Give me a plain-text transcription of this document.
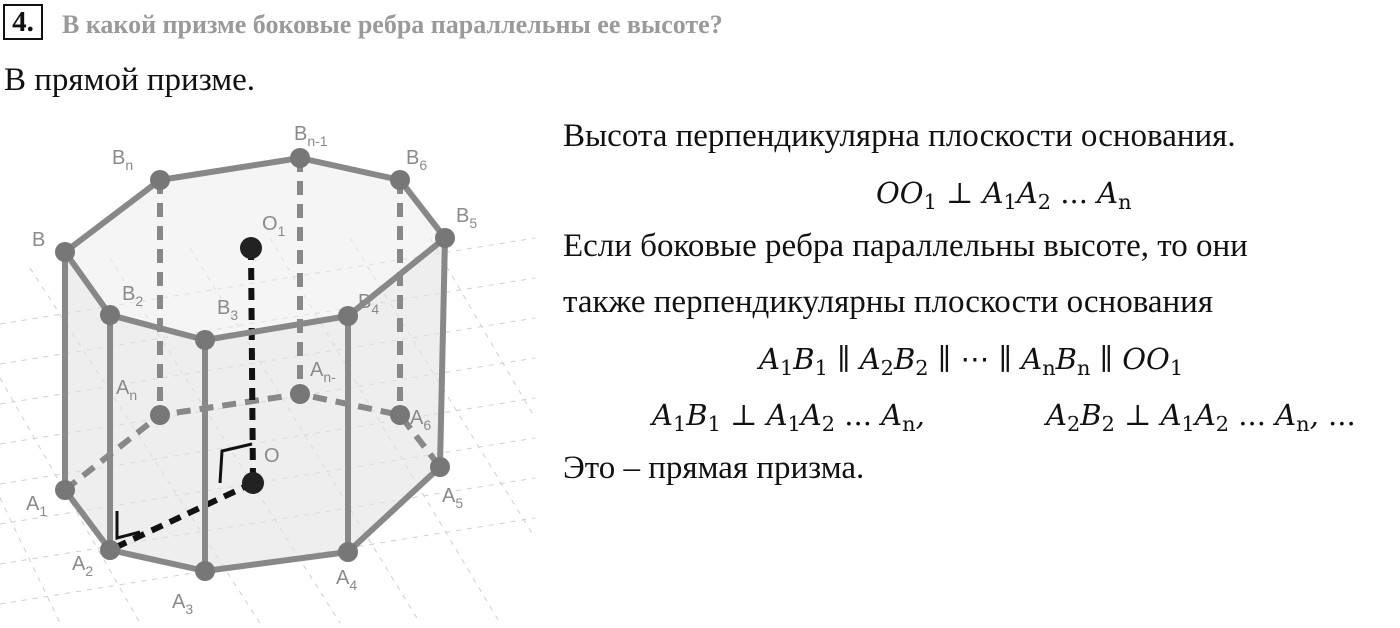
4.	В какой призме боковые ребра параллельны ее высоте?
В прямой призме.
$B_n$
$B_{n-1}$
$B_6$
$B_5$
B
$O_1$
$B_2$	$B_3$
$B_4$
$A_n$
$A_{n-}$
$A_6$
O
$A_1$
$A_5$
$A_2$
$A_3$
$A_4$
Высота перпендикулярна плоскости основания.
$OO_1$ ⊥ $A_1A_2$ ... $A_n$
Если боковые ребра параллельны высоте, то они
также перпендикулярны плоскости основания
$A_1B_1$ ∥ $A_2B_2$ ∥ ⋯ ∥ $A_nB_n$ ∥ $OO_1$
$A_1B_1$ ⊥ $A_1A_2$ ... $A_n$,	$A_2B_2$ ⊥ $A_1A_2$ ... $A_n$, ...
Это – прямая призма.
